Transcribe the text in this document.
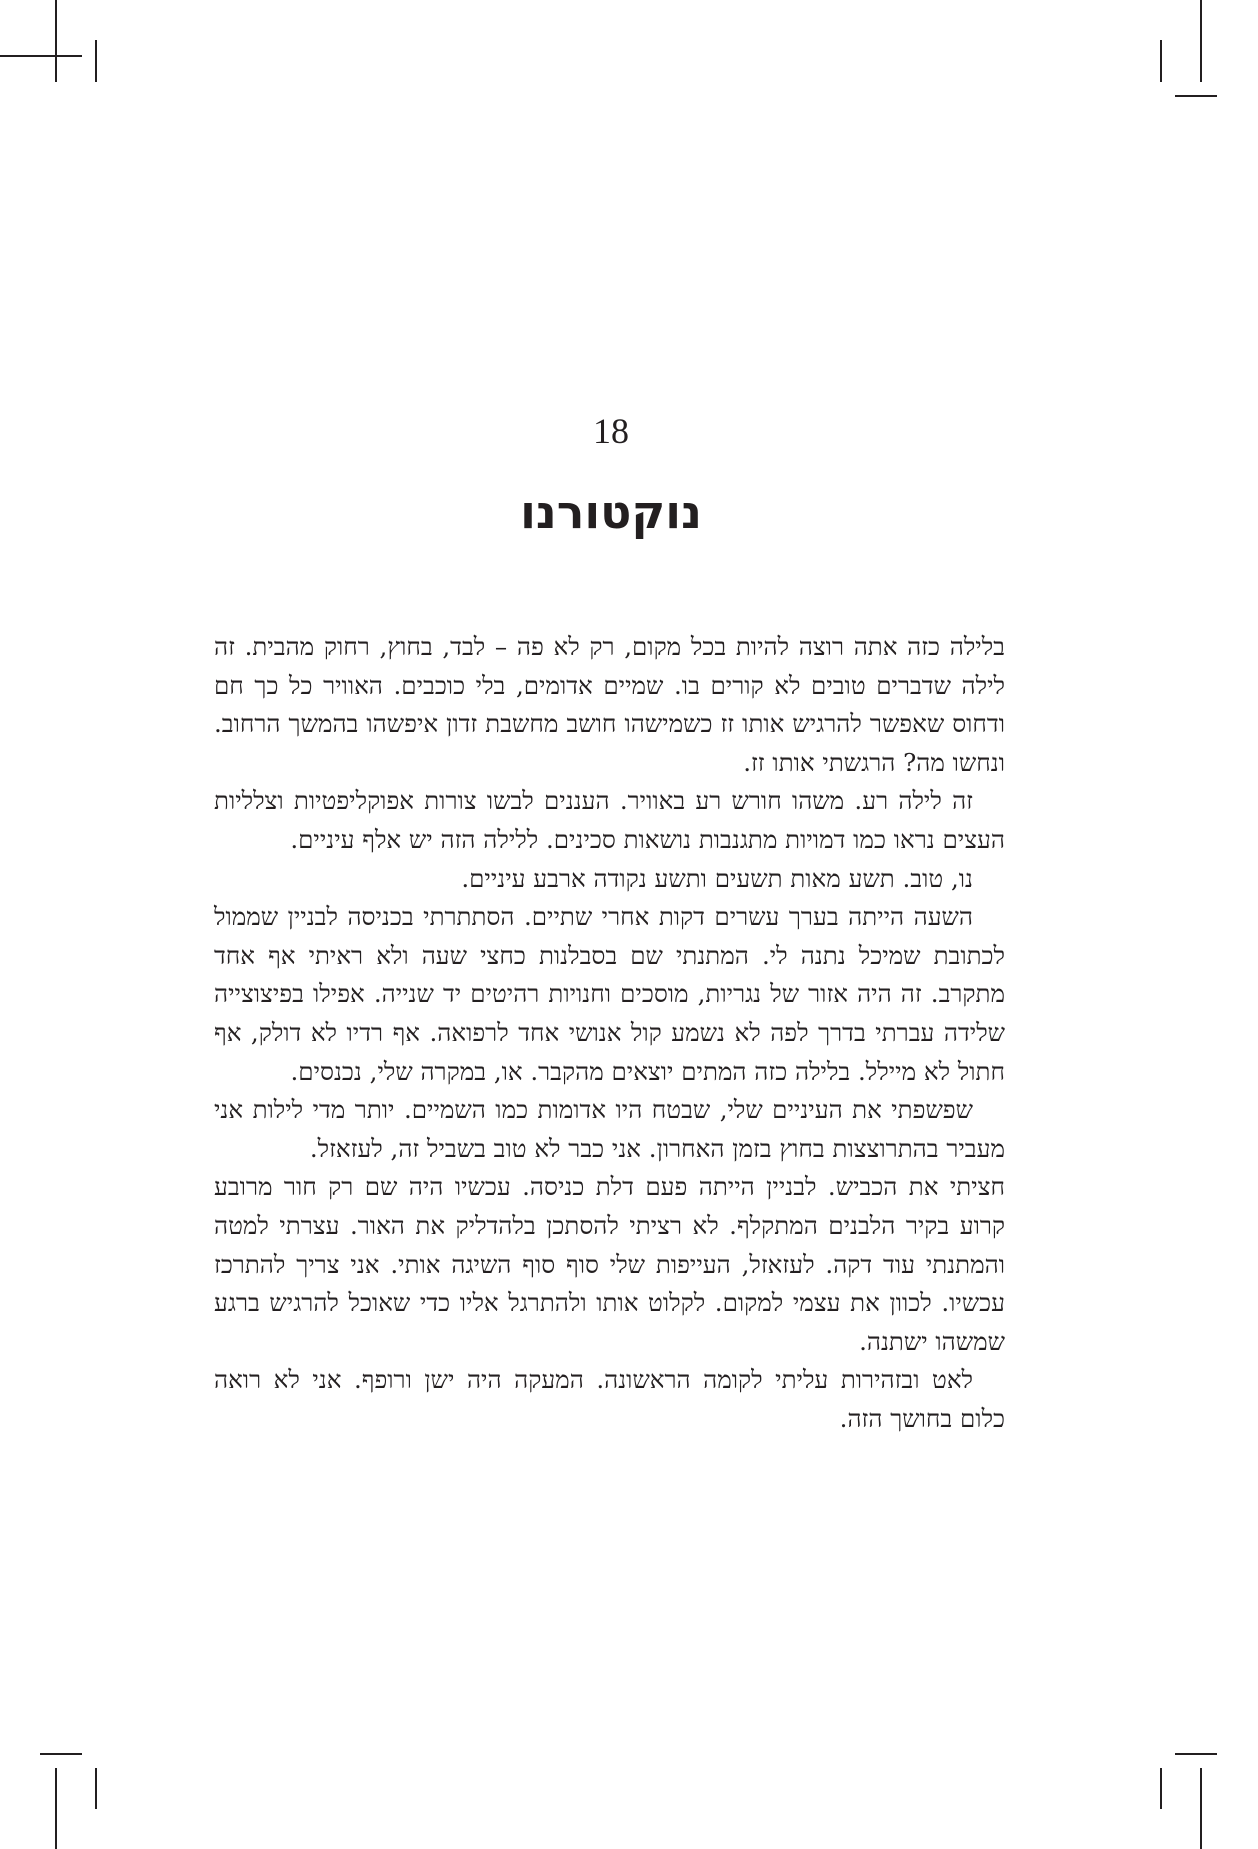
18
נוקטורנו

בלילה כזה אתה רוצה להיות בכל מקום, רק לא פה – לבד, בחוץ, רחוק מהבית. זה לילה שדברים טובים לא קורים בו. שמיים אדומים, בלי כוכבים. האוויר כל כך חם ודחוס שאפשר להרגיש אותו זז כשמישהו חושב מחשבת זדון איפשהו בהמשך הרחוב. ונחשו מה? הרגשתי אותו זז.

זה לילה רע. משהו חורש רע באוויר. העננים לבשו צורות אפוקליפטיות וצלליות העצים נראו כמו דמויות מתגנבות נושאות סכינים. ללילה הזה יש אלף עיניים.

נו, טוב. תשע מאות תשעים ותשע נקודה ארבע עיניים.

השעה הייתה בערך עשרים דקות אחרי שתיים. הסתתרתי בכניסה לבניין שממול לכתובת שמיכל נתנה לי. המתנתי שם בסבלנות כחצי שעה ולא ראיתי אף אחד מתקרב. זה היה אזור של נגריות, מוסכים וחנויות רהיטים יד שנייה. אפילו בפיצוצייה שלידה עברתי בדרך לפה לא נשמע קול אנושי אחד לרפואה. אף רדיו לא דולק, אף חתול לא מיילל. בלילה כזה המתים יוצאים מהקבר. או, במקרה שלי, נכנסים.

שפשפתי את העיניים שלי, שבטח היו אדומות כמו השמיים. יותר מדי לילות אני מעביר בהתרוצצות בחוץ בזמן האחרון. אני כבר לא טוב בשביל זה, לעזאזל.

חציתי את הכביש. לבניין הייתה פעם דלת כניסה. עכשיו היה שם רק חור מרובע קרוע בקיר הלבנים המתקלף. לא רציתי להסתכן בלהדליק את האור. עצרתי למטה והמתנתי עוד דקה. לעזאזל, העייפות שלי סוף סוף השיגה אותי. אני צריך להתרכז עכשיו. לכוון את עצמי למקום. לקלוט אותו ולהתרגל אליו כדי שאוכל להרגיש ברגע שמשהו ישתנה.

לאט ובזהירות עליתי לקומה הראשונה. המעקה היה ישן ורופף. אני לא רואה כלום בחושך הזה.
